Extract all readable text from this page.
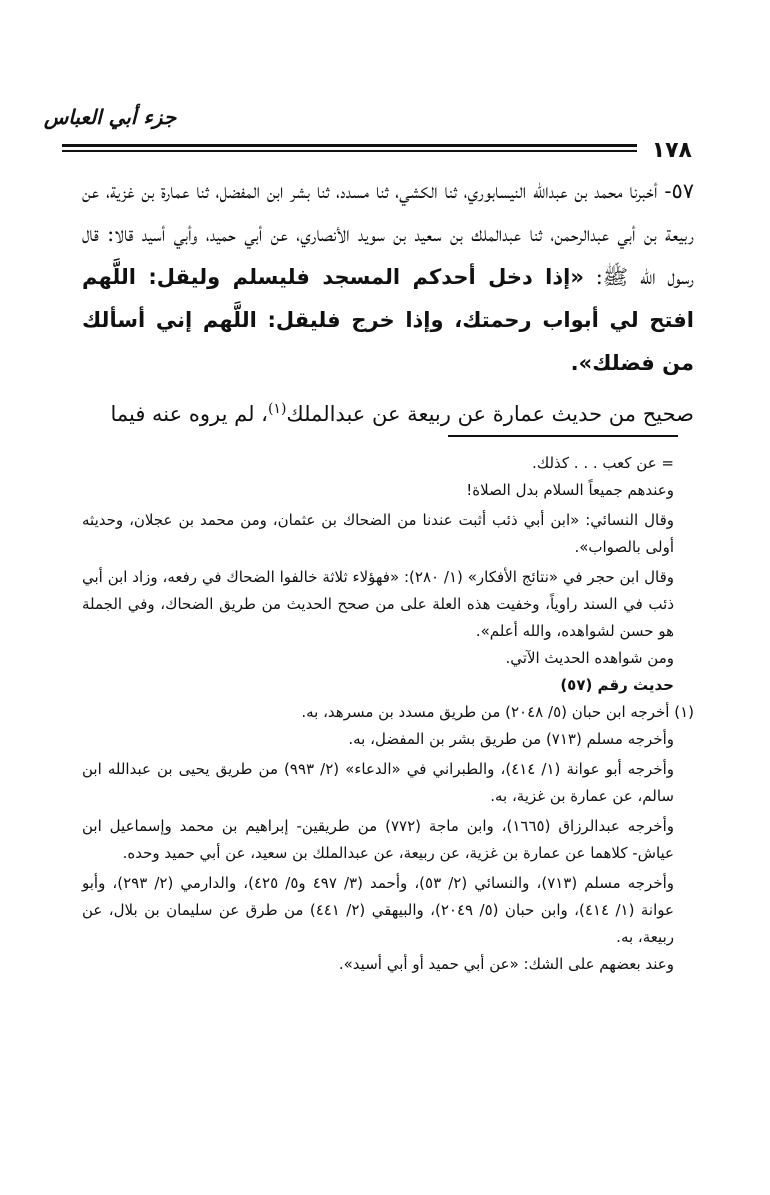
جزء أبي العباس
١٧٨

٥٧- أخبرنا محمد بن عبدالله النيسابوري، ثنا الكشي، ثنا مسدد، ثنا بشر ابن المفضل، ثنا عمارة بن غزية، عن ربيعة بن أبي عبدالرحمن، ثنا عبدالملك بن سعيد بن سويد الأنصاري، عن أبي حميد، وأبي أسيد قالا: قال رسول الله ﷺ: «إذا دخل أحدكم المسجد فليسلم وليقل: اللَّهم افتح لي أبواب رحمتك، وإذا خرج فليقل: اللَّهم إني أسألك من فضلك».

صحيح من حديث عمارة عن ربيعة عن عبدالملك$^{(١)}$، لم يروه عنه فيما

= عن كعب . . . كذلك.

وعندهم جميعاً السلام بدل الصلاة!

وقال النسائي: «ابن أبي ذئب أثبت عندنا من الضحاك بن عثمان، ومن محمد بن عجلان، وحديثه أولى بالصواب».

وقال ابن حجر في «نتائج الأفكار» (١/ ٢٨٠): «فهؤلاء ثلاثة خالفوا الضحاك في رفعه، وزاد ابن أبي ذئب في السند راوياً، وخفيت هذه العلة على من صحح الحديث من طريق الضحاك، وفي الجملة هو حسن لشواهده، والله أعلم».

ومن شواهده الحديث الآتي.

حديث رقم (٥٧)

(١) أخرجه ابن حبان (٥/ ٢٠٤٨) من طريق مسدد بن مسرهد، به.

وأخرجه مسلم (٧١٣) من طريق بشر بن المفضل، به.

وأخرجه أبو عوانة (١/ ٤١٤)، والطبراني في «الدعاء» (٢/ ٩٩٣) من طريق يحيى بن عبدالله ابن سالم، عن عمارة بن غزية، به.

وأخرجه عبدالرزاق (١٦٦٥)، وابن ماجة (٧٧٢) من طريقين- إبراهيم بن محمد وإسماعيل ابن عياش- كلاهما عن عمارة بن غزية، عن ربيعة، عن عبدالملك بن سعيد، عن أبي حميد وحده.

وأخرجه مسلم (٧١٣)، والنسائي (٢/ ٥٣)، وأحمد (٣/ ٤٩٧ و٥/ ٤٢٥)، والدارمي (٢/ ٢٩٣)، وأبو عوانة (١/ ٤١٤)، وابن حبان (٥/ ٢٠٤٩)، والبيهقي (٢/ ٤٤١) من طرق عن سليمان بن بلال، عن ربيعة، به.

وعند بعضهم على الشك: «عن أبي حميد أو أبي أسيد».
